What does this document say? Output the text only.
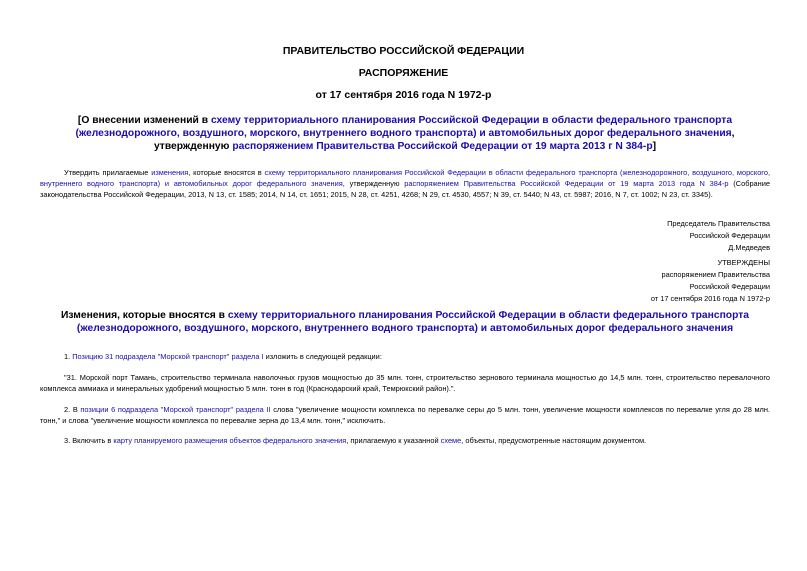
ПРАВИТЕЛЬСТВО РОССИЙСКОЙ ФЕДЕРАЦИИ
РАСПОРЯЖЕНИЕ
от 17 сентября 2016 года N 1972-р
[О внесении изменений в схему территориального планирования Российской Федерации в области федерального транспорта (железнодорожного, воздушного, морского, внутреннего водного транспорта) и автомобильных дорог федерального значения, утвержденную распоряжением Правительства Российской Федерации от 19 марта 2013 г N 384-р]
Утвердить прилагаемые изменения, которые вносятся в схему территориального планирования Российской Федерации в области федерального транспорта (железнодорожного, воздушного, морского, внутреннего водного транспорта) и автомобильных дорог федерального значения, утвержденную распоряжением Правительства Российской Федерации от 19 марта 2013 года N 384-р (Собрание законодательства Российской Федерации, 2013, N 13, ст. 1585; 2014, N 14, ст. 1651; 2015, N 28, ст. 4251, 4268; N 29, ст. 4530, 4557; N 39, ст. 5440; N 43, ст. 5987; 2016, N 7, ст. 1002; N 23, ст. 3345).
Председатель Правительства
Российской Федерации
Д.Медведев
УТВЕРЖДЕНЫ
распоряжением Правительства
Российской Федерации
от 17 сентября 2016 года N 1972-р
Изменения, которые вносятся в схему территориального планирования Российской Федерации в области федерального транспорта (железнодорожного, воздушного, морского, внутреннего водного транспорта) и автомобильных дорог федерального значения
1. Позицию 31 подраздела "Морской транспорт" раздела I изложить в следующей редакции:
"31. Морской порт Тамань, строительство терминала наволочных грузов мощностью до 35 млн. тонн, строительство зернового терминала мощностью до 14,5 млн. тонн, строительство перевалочного комплекса аммиака и минеральных удобрений мощностью 5 млн. тонн в год (Краснодарский край, Темрюкский район).".
2. В позиции 6 подраздела "Морской транспорт" раздела II слова "увеличение мощности комплекса по перевалке серы до 5 млн. тонн, увеличение мощности комплексов по перевалке угля до 28 млн. тонн," и слова "увеличение мощности комплекса по перевалке зерна до 13,4 млн. тонн," исключить.
3. Включить в карту планируемого размещения объектов федерального значения, прилагаемую к указанной схеме, объекты, предусмотренные настоящим документом.
